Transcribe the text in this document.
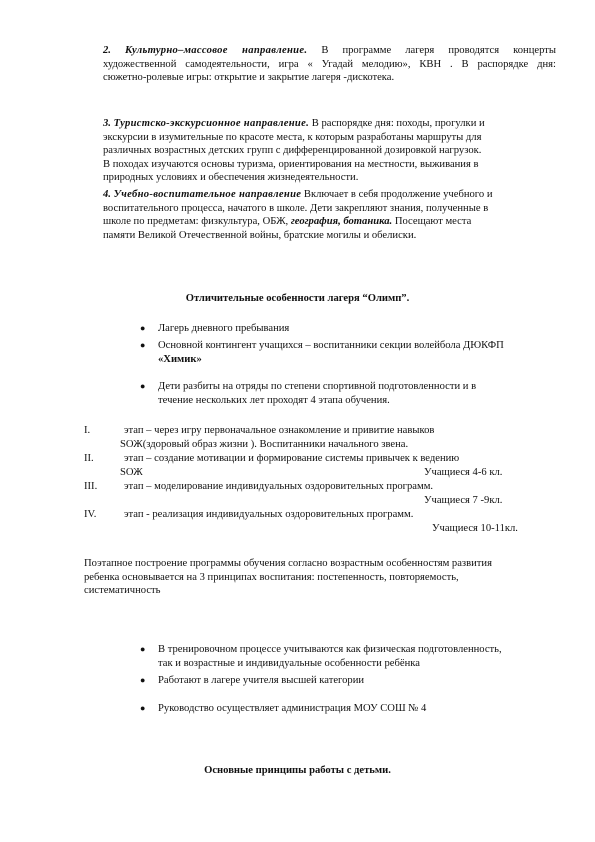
2. Культурно–массовое направление. В программе лагеря проводятся концерты
художественной самодеятельности, игра « Угадай мелодию», КВН . В распорядке дня:
сюжетно-ролевые игры: открытие и закрытие лагеря -дискотека.
3. Туристско-экскурсионное направление. В распорядке дня: походы, прогулки и
экскурсии в изумительные по красоте места, к которым разработаны маршруты для
различных возрастных детских групп с дифференцированной дозировкой нагрузок.
В походах изучаются основы туризма, ориентирования на местности, выживания в
природных условиях и обеспечения жизнедеятельности.
4. Учебно-воспитательное направление Включает в себя продолжение учебного и
воспитательного процесса, начатого в школе. Дети закрепляют знания, полученные в
школе по предметам: физкультура, ОБЖ, география, ботаника. Посещают места
памяти Великой Отечественной войны, братские могилы и обелиски.
Отличительные особенности лагеря “Олимп”.
● Лагерь дневного пребывания
● Основной контингент учащихся – воспитанники секции волейбола ДЮКФП
«Химик»
● Дети разбиты на отряды по степени спортивной подготовленности и в
течение нескольких лет проходят 4 этапа обучения.
I.	этап – через игру первоначальное ознакомление и привитие навыков
SОЖ(здоровый образ жизни ). Воспитанники начального звена.
II.	этап – создание мотивации и формирование системы привычек к ведению
SОЖ	Учащиеся 4-6 кл.
III.	этап – моделирование индивидуальных оздоровительных программ.
Учащиеся 7 -9кл.
IV.	этап - реализация индивидуальных оздоровительных программ.
Учащиеся 10-11кл.
Поэтапное построение программы обучения согласно возрастным особенностям развития
ребенка основывается на 3 принципах воспитания: постепенность, повторяемость,
систематичность
● В тренировочном процессе учитываются как физическая подготовленность,
так и возрастные и индивидуальные особенности ребёнка
● Работают в лагере учителя высшей категории
● Руководство осуществляет администрация МОУ СОШ № 4
Основные принципы работы с детьми.
